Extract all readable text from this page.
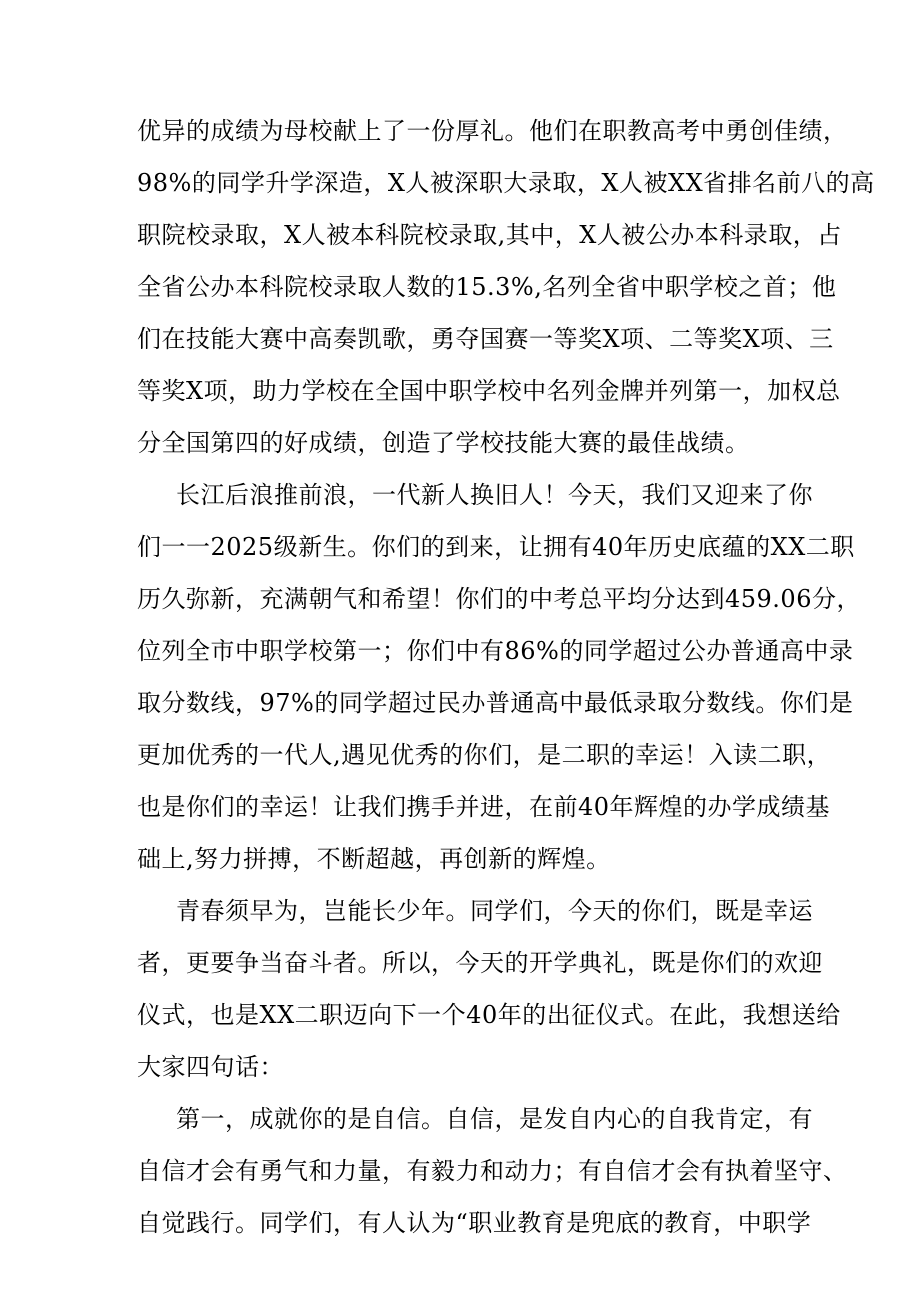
优异的成绩为母校献上了一份厚礼。他们在职教高考中勇创佳绩，
98%的同学升学深造，X人被深职大录取，X人被XX省排名前八的高
职院校录取，X人被本科院校录取,其中，X人被公办本科录取，占
全省公办本科院校录取人数的15.3%,名列全省中职学校之首；他
们在技能大赛中高奏凯歌，勇夺国赛一等奖X项、二等奖X项、三
等奖X项，助力学校在全国中职学校中名列金牌并列第一，加权总
分全国第四的好成绩，创造了学校技能大赛的最佳战绩。
长江后浪推前浪，一代新人换旧人！今天，我们又迎来了你
们一一2025级新生。你们的到来，让拥有40年历史底蕴的XX二职
历久弥新，充满朝气和希望！你们的中考总平均分达到459.06分，
位列全市中职学校第一；你们中有86%的同学超过公办普通高中录
取分数线，97%的同学超过民办普通高中最低录取分数线。你们是
更加优秀的一代人,遇见优秀的你们，是二职的幸运！入读二职，
也是你们的幸运！让我们携手并进，在前40年辉煌的办学成绩基
础上,努力拼搏，不断超越，再创新的辉煌。
青春须早为，岂能长少年。同学们，今天的你们，既是幸运
者，更要争当奋斗者。所以，今天的开学典礼，既是你们的欢迎
仪式，也是XX二职迈向下一个40年的出征仪式。在此，我想送给
大家四句话：
第一，成就你的是自信。自信，是发自内心的自我肯定，有
自信才会有勇气和力量，有毅力和动力；有自信才会有执着坚守、
自觉践行。同学们，有人认为“职业教育是兜底的教育，中职学
